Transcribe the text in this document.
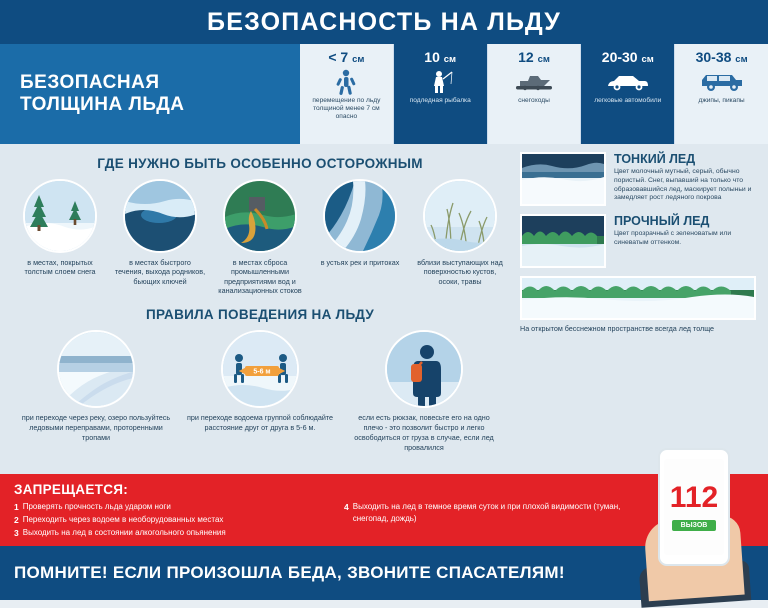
БЕЗОПАСНОСТЬ НА ЛЬДУ
БЕЗОПАСНАЯ
ТОЛЩИНА ЛЬДА
< 7 см
перемещение по льду толщиной менее 7 см опасно
10 см
подледная рыбалка
12 см
снегоходы
20-30 см
легковые автомобили
30-38 см
джипы, пикапы
ГДЕ НУЖНО БЫТЬ ОСОБЕННО ОСТОРОЖНЫМ
в местах, покрытых толстым слоем снега
в местах быстрого течения, выхода родников, бьющих ключей
в местах сброса промышленными предприятиями вод и канализационных стоков
в устьях рек и притоках	вблизи выступающих над поверхностью кустов, осоки, травы
ПРАВИЛА ПОВЕДЕНИЯ НА ЛЬДУ
при переходе через реку, озеро пользуйтесь ледовыми переправами, проторенными тропами
5-6 м
при переходе водоема группой соблюдайте расстояние друг от друга в 5-6 м.
если есть рюкзак, повесьте его на одно плечо - это позволит быстро и легко освободиться от груза в случае, если лед провалился
ТОНКИЙ ЛЕД
Цвет молочный мутный, серый, обычно пористый. Снег, выпавший на только что образовавшийся лед, маскирует полыньи и замедляет рост ледяного покрова
ПРОЧНЫЙ ЛЕД
Цвет прозрачный с зеленоватым или синеватым оттенком.
На открытом бесснежном пространстве всегда лед толще
ЗАПРЕЩАЕТСЯ:
1 Проверять прочность льда ударом ноги
2 Переходить через водоем в необорудованных местах
3 Выходить на лед в состоянии алкогольного опьянения
4 Выходить на лед в темное время суток и при плохой видимости (туман, снегопад, дождь)
ПОМНИТЕ! ЕСЛИ ПРОИЗОШЛА БЕДА, ЗВОНИТЕ СПАСАТЕЛЯМ!
112
ВЫЗОВ
